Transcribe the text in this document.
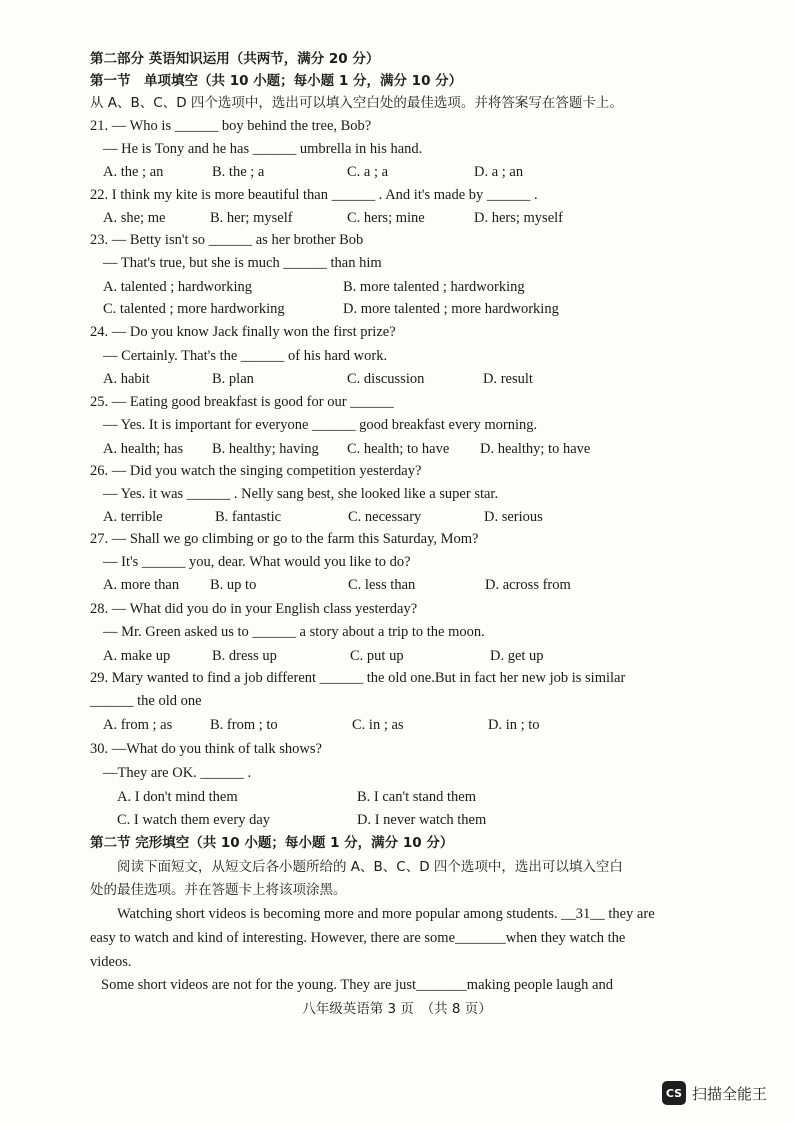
第二部分 英语知识运用（共两节，满分 20 分）
第一节　单项填空（共 10 小题；每小题 1 分，满分 10 分）
从 A、B、C、D 四个选项中，选出可以填入空白处的最佳选项。并将答案写在答题卡上。
21. — Who is ______ boy behind the tree, Bob?
— He is Tony and he has ______ umbrella in his hand.
A. the ; an	B. the ; a	C. a ; a	D. a ; an
22. I think my kite is more beautiful than ______ . And it's made by ______ .
A. she; me	B. her; myself	C. hers; mine	D. hers; myself
23. — Betty isn't so ______ as her brother Bob
— That's true, but she is much ______ than him
A. talented ; hardworking	B. more talented ; hardworking
C. talented ; more hardworking	D. more talented ; more hardworking
24. — Do you know Jack finally won the first prize?
— Certainly. That's the ______ of his hard work.
A. habit	B. plan	C. discussion	D. result
25. — Eating good breakfast is good for our ______
— Yes. It is important for everyone ______ good breakfast every morning.
A. health; has B. healthy; having C. health; to have D. healthy; to have
26. — Did you watch the singing competition yesterday?
— Yes. it was ______ . Nelly sang best, she looked like a super star.
A. terrible	B. fantastic	C. necessary	D. serious
27. — Shall we go climbing or go to the farm this Saturday, Mom?
— It's ______ you, dear. What would you like to do?
A. more than B. up to	C. less than	D. across from
28. — What did you do in your English class yesterday?
— Mr. Green asked us to ______ a story about a trip to the moon.
A. make up	B. dress up	C. put up	D. get up
29. Mary wanted to find a job different ______ the old one.But in fact her new job is similar
______ the old one
A. from ; as	B. from ; to	C. in ; as	D. in ; to
30. —What do you think of talk shows?
—They are OK. ______ .
A. I don't mind them	B. I can't stand them
C. I watch them every day	D. I never watch them
第二节 完形填空（共 10 小题；每小题 1 分，满分 10 分）
阅读下面短文，从短文后各小题所给的 A、B、C、D 四个选项中，选出可以填入空白
处的最佳选项。并在答题卡上将该项涂黑。
Watching short videos is becoming more and more popular among students. __31__ they are
easy to watch and kind of interesting. However, there are some_______when they watch the
videos.
Some short videos are not for the young. They are just_______making people laugh and
八年级英语第 3 页　（共 8 页）
CS 扫描全能王
